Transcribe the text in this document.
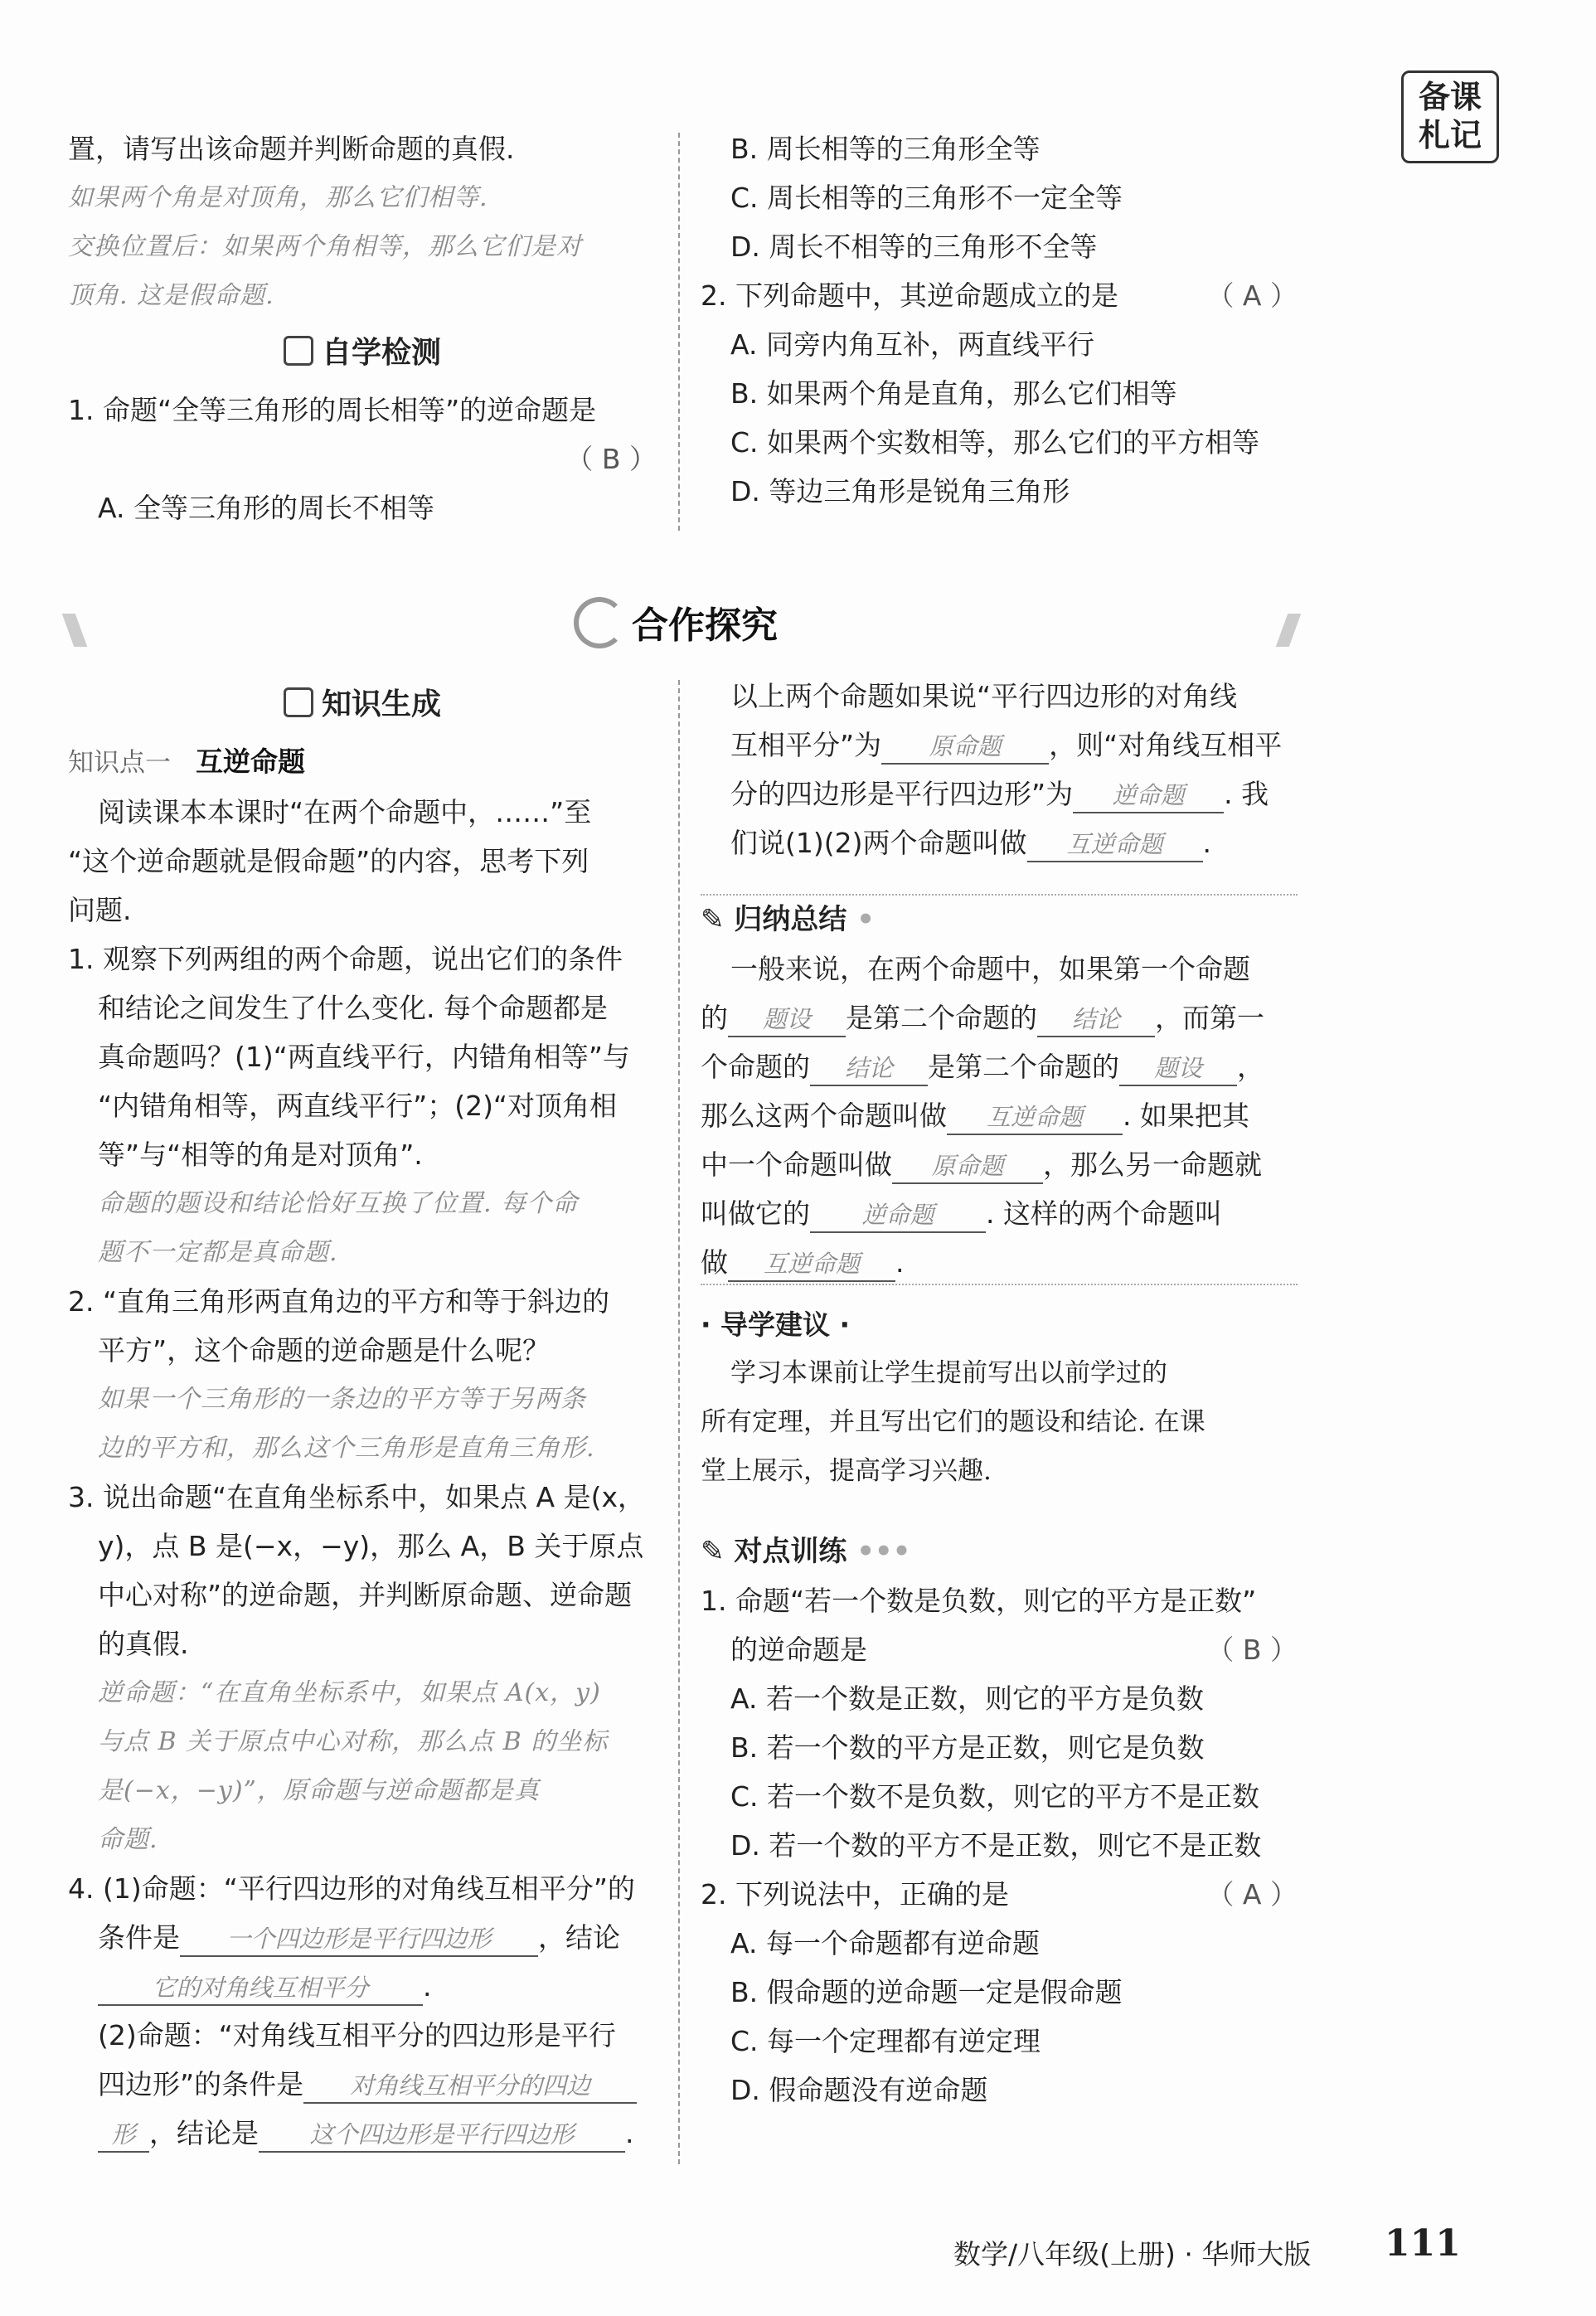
备课
札记
置，请写出该命题并判断命题的真假.
如果两个角是对顶角，那么它们相等.
交换位置后：如果两个角相等，那么它们是对
顶角. 这是假命题.
自学检测
1. 命题“全等三角形的周长相等”的逆命题是
（ B ）
A. 全等三角形的周长不相等
B. 周长相等的三角形全等
C. 周长相等的三角形不一定全等
D. 周长不相等的三角形不全等
2. 下列命题中，其逆命题成立的是	（ A ）
A. 同旁内角互补，两直线平行
B. 如果两个角是直角，那么它们相等
C. 如果两个实数相等，那么它们的平方相等
D. 等边三角形是锐角三角形
合作探究
知识生成
知识点一 互逆命题
阅读课本本课时“在两个命题中，……”至
“这个逆命题就是假命题”的内容，思考下列
问题.
1. 观察下列两组的两个命题，说出它们的条件
和结论之间发生了什么变化. 每个命题都是
真命题吗？(1)“两直线平行，内错角相等”与
“内错角相等，两直线平行”；(2)“对顶角相
等”与“相等的角是对顶角”.
命题的题设和结论恰好互换了位置. 每个命
题不一定都是真命题.
2. “直角三角形两直角边的平方和等于斜边的
平方”，这个命题的逆命题是什么呢？
如果一个三角形的一条边的平方等于另两条
边的平方和，那么这个三角形是直角三角形.
3. 说出命题“在直角坐标系中，如果点 A 是(x，
y)，点 B 是(−x，−y)，那么 A，B 关于原点
中心对称”的逆命题，并判断原命题、逆命题
的真假.
逆命题：“在直角坐标系中，如果点 A(x，y)
与点 B 关于原点中心对称，那么点 B 的坐标
是(−x，−y)”，原命题与逆命题都是真
命题.
4. (1)命题：“平行四边形的对角线互相平分”的
条件是 一个四边形是平行四边形 ，结论
它的对角线互相平分 .
(2)命题：“对角线互相平分的四边形是平行
四边形”的条件是 对角线互相平分的四边
形 ，结论是 这个四边形是平行四边形 .
以上两个命题如果说“平行四边形的对角线
互相平分”为 原命题 ，则“对角线互相平
分的四边形是平行四边形”为 逆命题 . 我
们说(1)(2)两个命题叫做 互逆命题 .
✎ 归纳总结 •
一般来说，在两个命题中，如果第一个命题
的 题设 是第二个命题的 结论 ，而第一
个命题的 结论 是第二个命题的 题设 ，
那么这两个命题叫做 互逆命题 . 如果把其
中一个命题叫做 原命题 ，那么另一命题就
叫做它的 逆命题 . 这样的两个命题叫
做 互逆命题 .
· 导学建议 ·
学习本课前让学生提前写出以前学过的
所有定理，并且写出它们的题设和结论. 在课
堂上展示，提高学习兴趣.
✎ 对点训练 •••
1. 命题“若一个数是负数，则它的平方是正数”
的逆命题是	（ B ）
A. 若一个数是正数，则它的平方是负数
B. 若一个数的平方是正数，则它是负数
C. 若一个数不是负数，则它的平方不是正数
D. 若一个数的平方不是正数，则它不是正数
2. 下列说法中，正确的是	（ A ）
A. 每一个命题都有逆命题
B. 假命题的逆命题一定是假命题
C. 每一个定理都有逆定理
D. 假命题没有逆命题
数学/八年级(上册) · 华师大版 111
